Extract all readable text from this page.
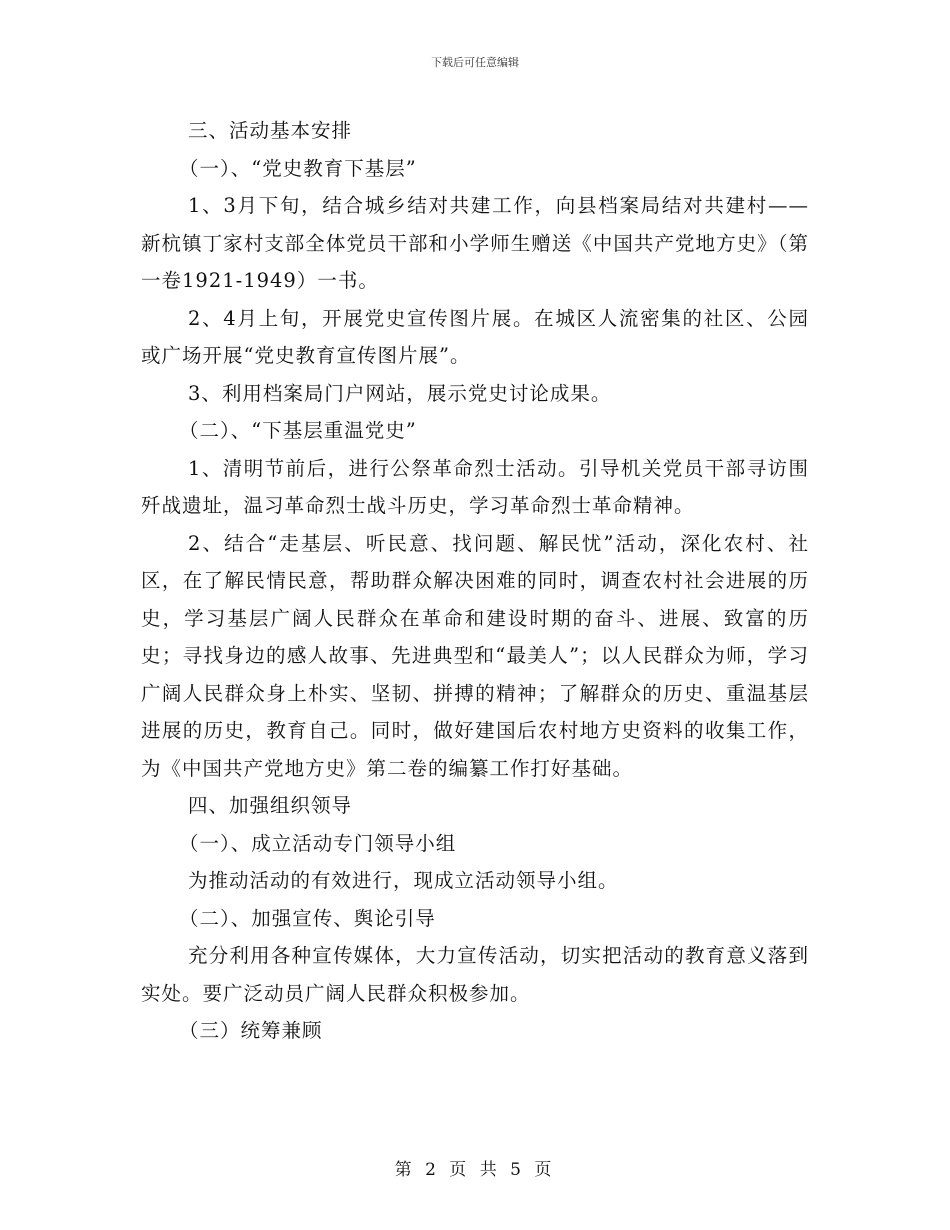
下载后可任意编辑

三、活动基本安排

（一）、“党史教育下基层”

1、3月下旬，结合城乡结对共建工作，向县档案局结对共建村——新杭镇丁家村支部全体党员干部和小学师生赠送《中国共产党地方史》（第一卷1921-1949）一书。

2、4月上旬，开展党史宣传图片展。在城区人流密集的社区、公园或广场开展“党史教育宣传图片展”。

3、利用档案局门户网站，展示党史讨论成果。

（二）、“下基层重温党史”

1、清明节前后，进行公祭革命烈士活动。引导机关党员干部寻访围歼战遗址，温习革命烈士战斗历史，学习革命烈士革命精神。

2、结合“走基层、听民意、找问题、解民忧”活动，深化农村、社区，在了解民情民意，帮助群众解决困难的同时，调查农村社会进展的历史，学习基层广阔人民群众在革命和建设时期的奋斗、进展、致富的历史；寻找身边的感人故事、先进典型和“最美人”；以人民群众为师，学习广阔人民群众身上朴实、坚韧、拼搏的精神；了解群众的历史、重温基层进展的历史，教育自己。同时，做好建国后农村地方史资料的收集工作，为《中国共产党地方史》第二卷的编纂工作打好基础。

四、加强组织领导

（一）、成立活动专门领导小组

为推动活动的有效进行，现成立活动领导小组。

（二）、加强宣传、舆论引导

充分利用各种宣传媒体，大力宣传活动，切实把活动的教育意义落到实处。要广泛动员广阔人民群众积极参加。

（三）统筹兼顾

第 2 页 共 5 页
